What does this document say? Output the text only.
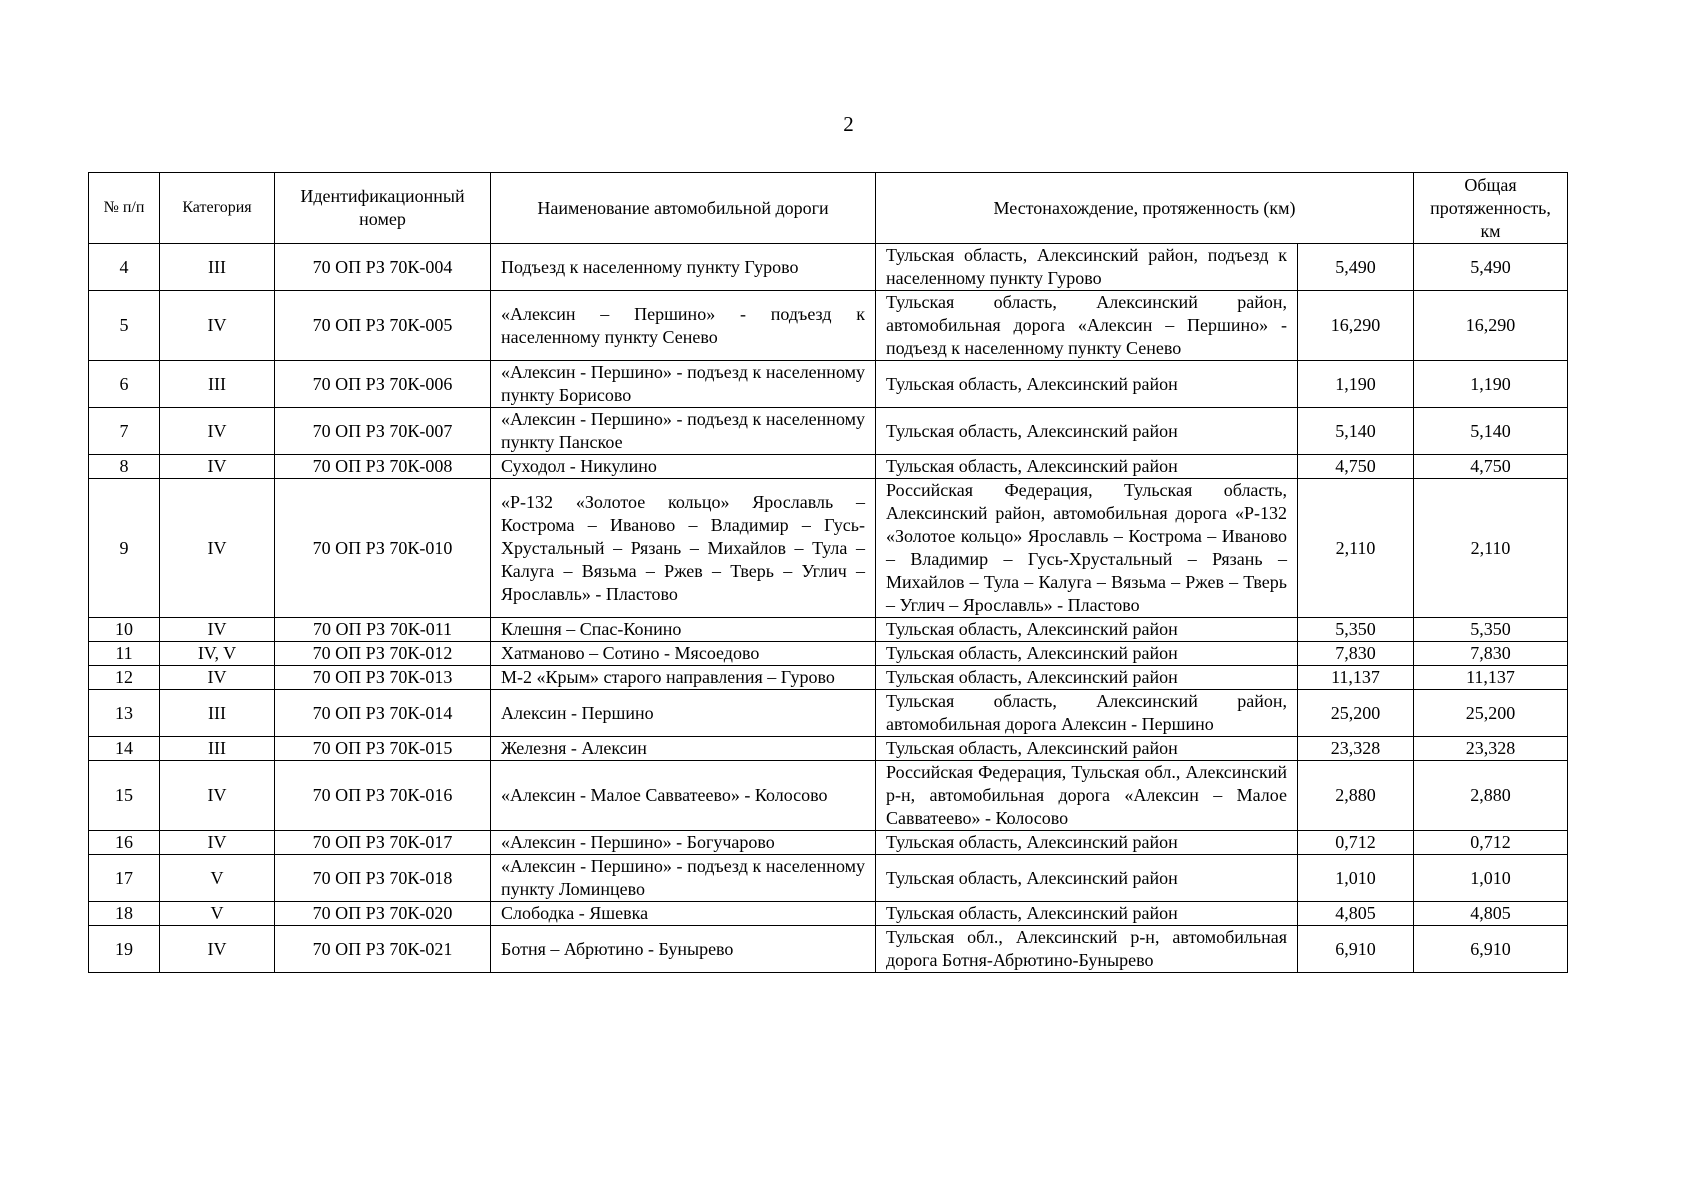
2
№ п/п	Категория	Идентификационный номер	Наименование автомобильной дороги	Местонахождение, протяженность (км)		Общая протяженность, км
4	III	70 ОП РЗ 70К-004	Подъезд к населенному пункту Гурово	Тульская область, Алексинский район, подъезд к населенному пункту Гурово	5,490	5,490
5	IV	70 ОП РЗ 70К-005	«Алексин – Першино» - подъезд к населенному пункту Сенево	Тульская область, Алексинский район, автомобильная дорога «Алексин – Першино» - подъезд к населенному пункту Сенево	16,290	16,290
6	III	70 ОП РЗ 70К-006	«Алексин - Першино» - подъезд к населенному пункту Борисово	Тульская область, Алексинский район	1,190	1,190
7	IV	70 ОП РЗ 70К-007	«Алексин - Першино» - подъезд к населенному пункту Панское	Тульская область, Алексинский район	5,140	5,140
8	IV	70 ОП РЗ 70К-008	Суходол - Никулино	Тульская область, Алексинский район	4,750	4,750
9	IV	70 ОП РЗ 70К-010	«Р-132 «Золотое кольцо» Ярославль – Кострома – Иваново – Владимир – Гусь-Хрустальный – Рязань – Михайлов – Тула – Калуга – Вязьма – Ржев – Тверь – Углич – Ярославль» - Пластово	Российская Федерация, Тульская область, Алексинский район, автомобильная дорога «Р-132 «Золотое кольцо» Ярославль – Кострома – Иваново – Владимир – Гусь-Хрустальный – Рязань – Михайлов – Тула – Калуга – Вязьма – Ржев – Тверь – Углич – Ярославль» - Пластово	2,110	2,110
10	IV	70 ОП РЗ 70К-011	Клешня – Спас-Конино	Тульская область, Алексинский район	5,350	5,350
11	IV, V	70 ОП РЗ 70К-012	Хатманово – Сотино - Мясоедово	Тульская область, Алексинский район	7,830	7,830
12	IV	70 ОП РЗ 70К-013	М-2 «Крым» старого направления – Гурово	Тульская область, Алексинский район	11,137	11,137
13	III	70 ОП РЗ 70К-014	Алексин - Першино	Тульская область, Алексинский район, автомобильная дорога Алексин - Першино	25,200	25,200
14	III	70 ОП РЗ 70К-015	Железня - Алексин	Тульская область, Алексинский район	23,328	23,328
15	IV	70 ОП РЗ 70К-016	«Алексин - Малое Савватеево» - Колосово	Российская Федерация, Тульская обл., Алексинский р-н, автомобильная дорога «Алексин – Малое Савватеево» - Колосово	2,880	2,880
16	IV	70 ОП РЗ 70К-017	«Алексин - Першино» - Богучарово	Тульская область, Алексинский район	0,712	0,712
17	V	70 ОП РЗ 70К-018	«Алексин - Першино» - подъезд к населенному пункту Ломинцево	Тульская область, Алексинский район	1,010	1,010
18	V	70 ОП РЗ 70К-020	Слободка - Яшевка	Тульская область, Алексинский район	4,805	4,805
19	IV	70 ОП РЗ 70К-021	Ботня – Абрютино - Бунырево	Тульская обл., Алексинский р-н, автомобильная дорога Ботня-Абрютино-Бунырево	6,910	6,910
